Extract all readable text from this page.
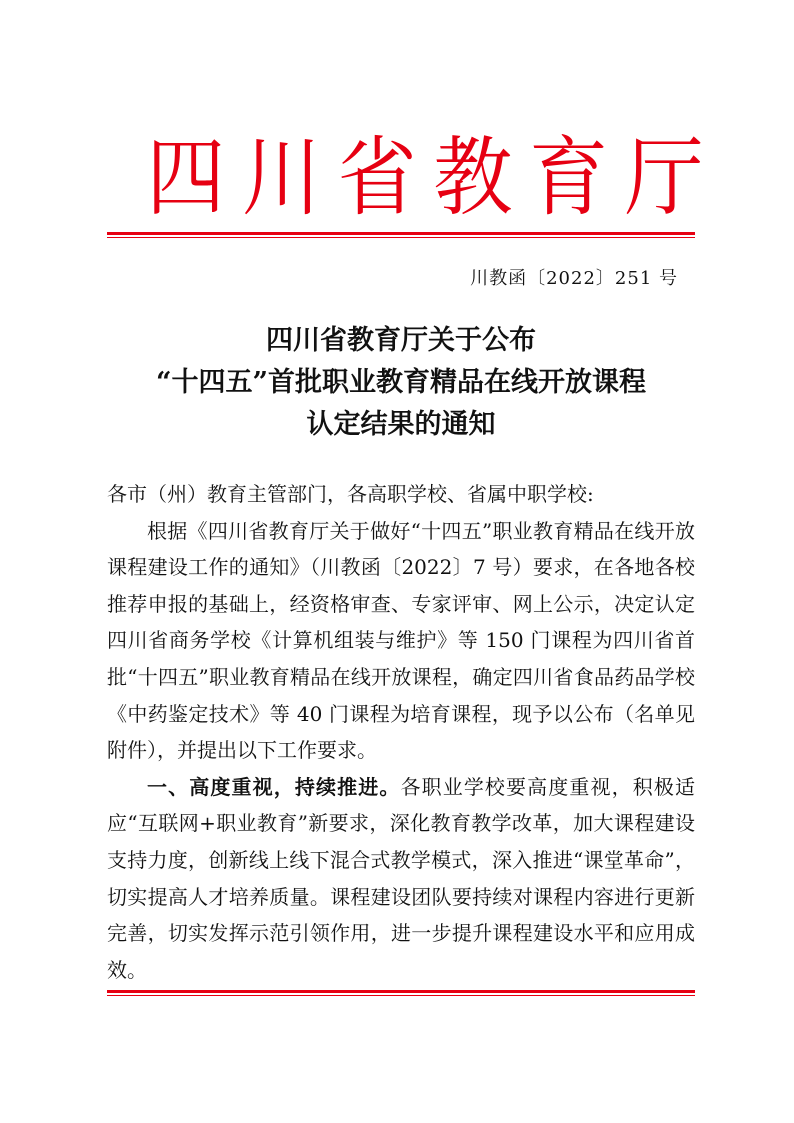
四 川 省 教 育 厅
川教函〔2022〕251 号
四川省教育厅关于公布
“十四五”首批职业教育精品在线开放课程
认定结果的通知

各市（州）教育主管部门，各高职学校、省属中职学校:

根据《四川省教育厅关于做好“十四五”职业教育精品在线开放课程建设工作的通知》（川教函〔2022〕7 号）要求，在各地各校推荐申报的基础上，经资格审查、专家评审、网上公示，决定认定四川省商务学校《计算机组装与维护》等 150 门课程为四川省首批“十四五”职业教育精品在线开放课程，确定四川省食品药品学校《中药鉴定技术》等 40 门课程为培育课程，现予以公布（名单见附件），并提出以下工作要求。

一、高度重视，持续推进。各职业学校要高度重视，积极适应“互联网+职业教育”新要求，深化教育教学改革，加大课程建设支持力度，创新线上线下混合式教学模式，深入推进“课堂革命”，切实提高人才培养质量。课程建设团队要持续对课程内容进行更新完善，切实发挥示范引领作用，进一步提升课程建设水平和应用成效。
